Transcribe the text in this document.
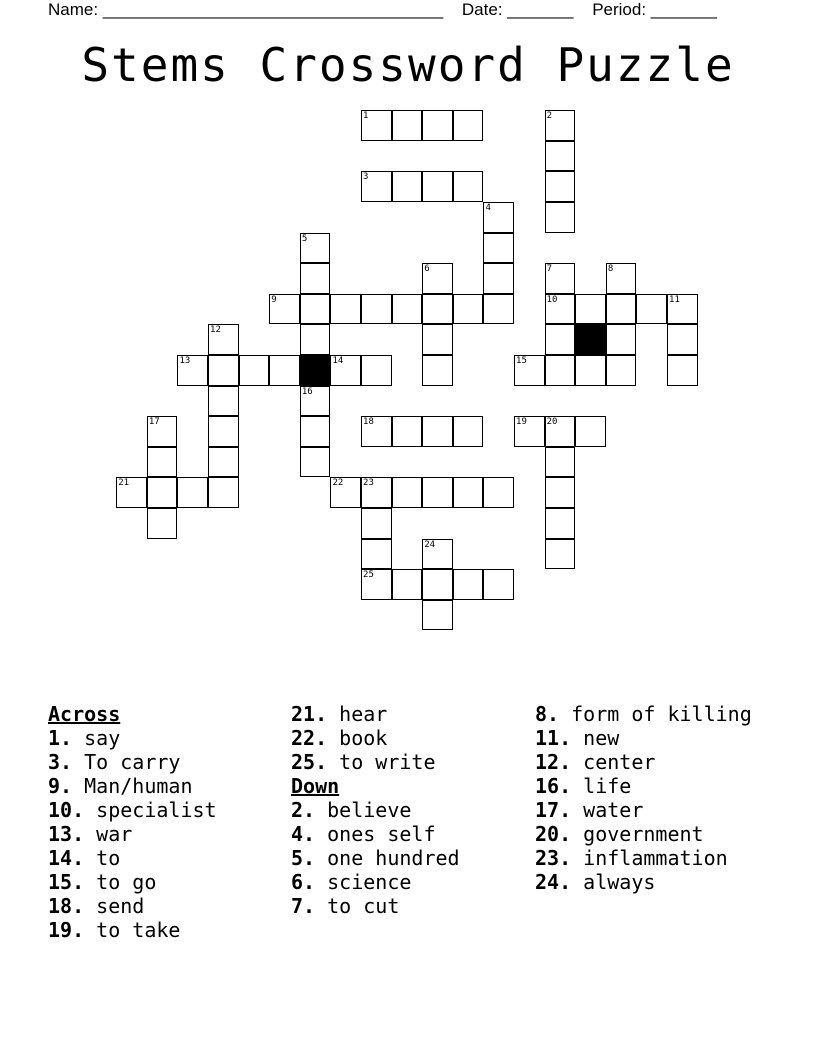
Name: ____________________________________ Date: _______ Period: _______
Stems Crossword Puzzle
1	2
3
4
5
6	7
10
8
9	11
12
13	14	15
16
17	18	19 20
21	22 23
25
24
Across
1. say
3. To carry
9. Man/human
10. specialist
13. war
14. to
15. to go
18. send
19. to take
21. hear
22. book
25. to write
Down
2. believe
4. ones self
5. one hundred
6. science
7. to cut
8. form of killing
11. new
12. center
16. life
17. water
20. government
23. inflammation
24. always
